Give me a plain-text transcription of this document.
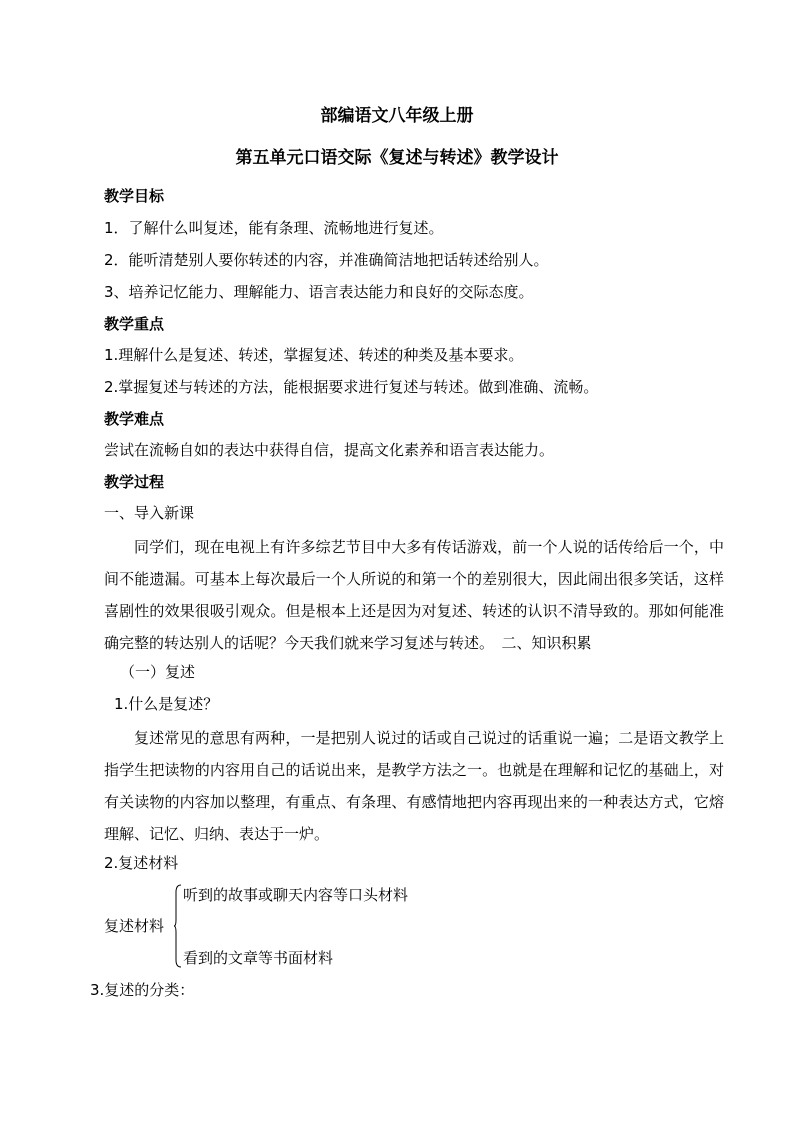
部编语文八年级上册
第五单元口语交际《复述与转述》教学设计
教学目标
1．了解什么叫复述，能有条理、流畅地进行复述。
2．能听清楚别人要你转述的内容，并准确简洁地把话转述给别人。
3、培养记忆能力、理解能力、语言表达能力和良好的交际态度。
教学重点
1.理解什么是复述、转述，掌握复述、转述的种类及基本要求。
2.掌握复述与转述的方法，能根据要求进行复述与转述。做到准确、流畅。
教学难点
尝试在流畅自如的表达中获得自信，提高文化素养和语言表达能力。
教学过程
一、导入新课
同学们，现在电视上有许多综艺节目中大多有传话游戏，前一个人说的话传给后一个，中间不能遗漏。可基本上每次最后一个人所说的和第一个的差别很大，因此闹出很多笑话，这样喜剧性的效果很吸引观众。但是根本上还是因为对复述、转述的认识不清导致的。那如何能准确完整的转达别人的话呢？今天我们就来学习复述与转述。　二、知识积累
（一）复述
1.什么是复述？
复述常见的意思有两种，一是把别人说过的话或自己说过的话重说一遍；二是语文教学上指学生把读物的内容用自己的话说出来，是教学方法之一。也就是在理解和记忆的基础上，对有关读物的内容加以整理，有重点、有条理、有感情地把内容再现出来的一种表达方式，它熔理解、记忆、归纳、表达于一炉。
2.复述材料
复述材料
听到的故事或聊天内容等口头材料
看到的文章等书面材料
3.复述的分类：
